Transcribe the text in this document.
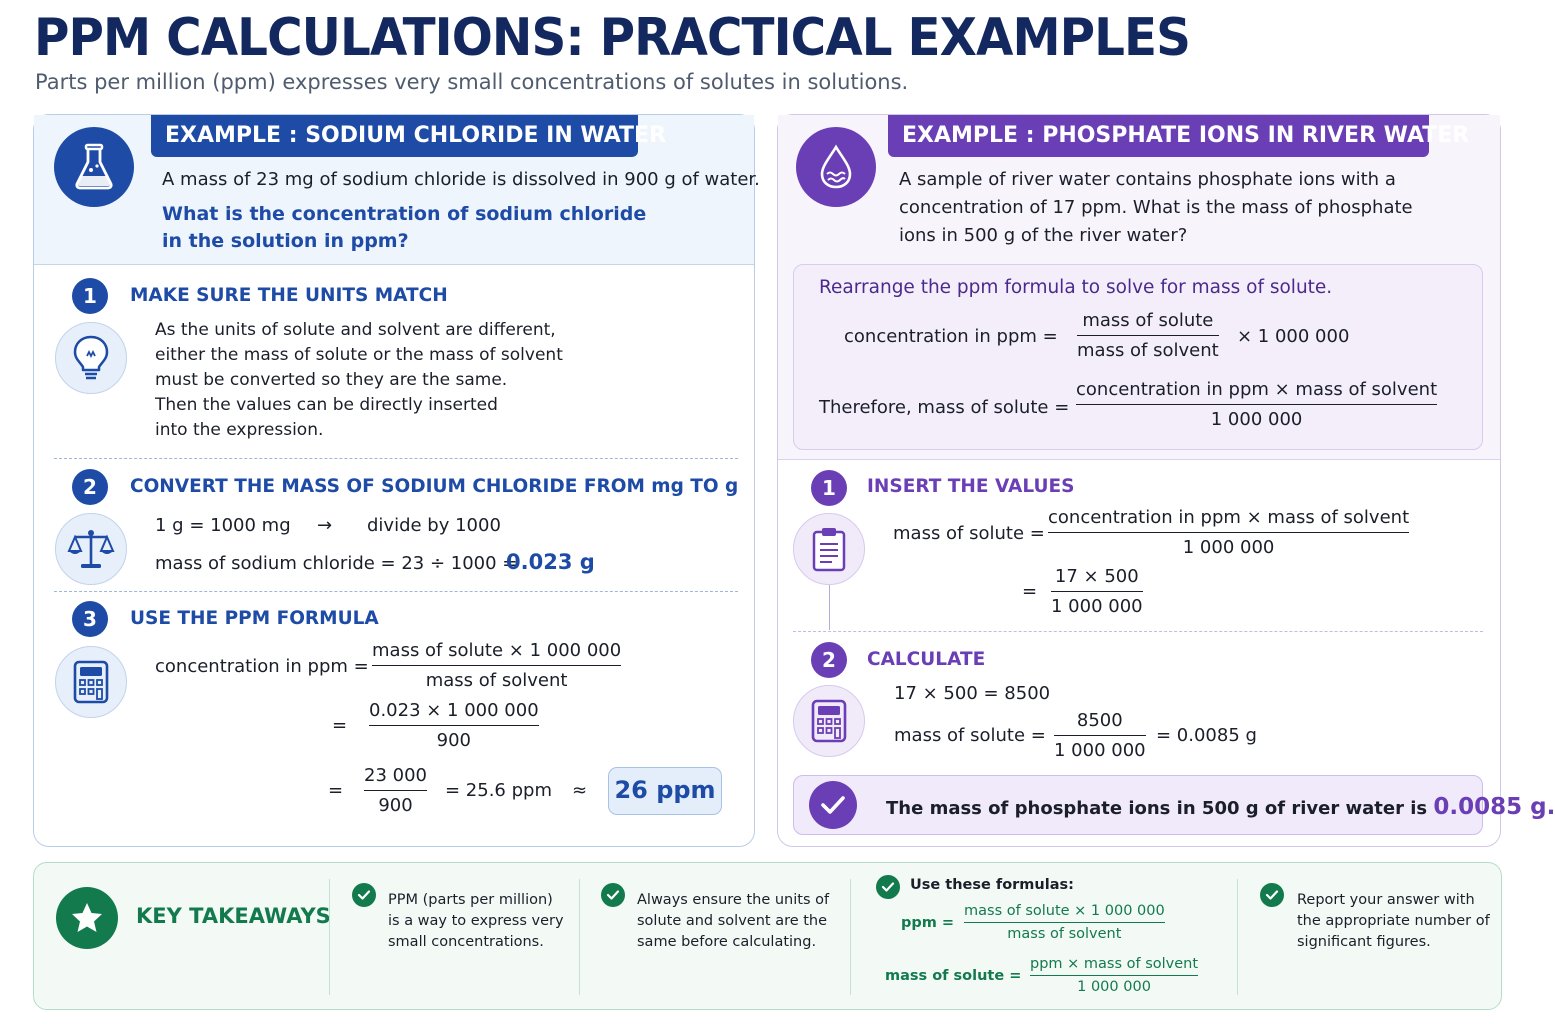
PPM CALCULATIONS: PRACTICAL EXAMPLES
Parts per million (ppm) expresses very small concentrations of solutes in solutions.
EXAMPLE : SODIUM CHLORIDE IN WATER
A mass of 23 mg of sodium chloride is dissolved in 900 g of water.
What is the concentration of sodium chloride
in the solution in ppm?
1	MAKE SURE THE UNITS MATCH
As the units of solute and solvent are different,
either the mass of solute or the mass of solvent
must be converted so they are the same.
Then the values can be directly inserted
into the expression.
2	CONVERT THE MASS OF SODIUM CHLORIDE FROM mg TO g
1 g = 1000 mg → divide by 1000
mass of sodium chloride = 23 ÷ 1000 =
0.023 g
3	USE THE PPM FORMULA
concentration in ppm =
mass of solute × 1 000 000
mass of solvent
= $\frac{0.023 \times 1 000 000}{900}$
= $\frac{23 000}{900} = 25.6$ ppm ≈ 26 ppm
EXAMPLE : PHOSPHATE IONS IN RIVER WATER
A sample of river water contains phosphate ions with a
concentration of 17 ppm. What is the mass of phosphate
ions in 500 g of the river water?
Rearrange the ppm formula to solve for mass of solute.
concentration in ppm =
mass of solute
mass of solvent
× 1 000 000
Therefore, mass of solute =
concentration in ppm × mass of solvent
1 000 000
1	INSERT THE VALUES
mass of solute =
concentration in ppm × mass of solvent
1 000 000
= $\frac{17 \times 500}{1 000 000}$
2	CALCULATE
17 × 500 = 8500
mass of solute = $\frac{8500}{1 000 000} = 0.0085$ g
The mass of phosphate ions in 500 g of river water is 0.0085 g.
KEY TAKEAWAYS
PPM (parts per million)
is a way to express very
small concentrations.
Always ensure the units of
solute and solvent are the
same before calculating.
Use these formulas:
ppm =
mass of solute × 1 000 000
mass of solvent
mass of solute =
ppm × mass of solvent
1 000 000
Report your answer with
the appropriate number of
significant figures.
